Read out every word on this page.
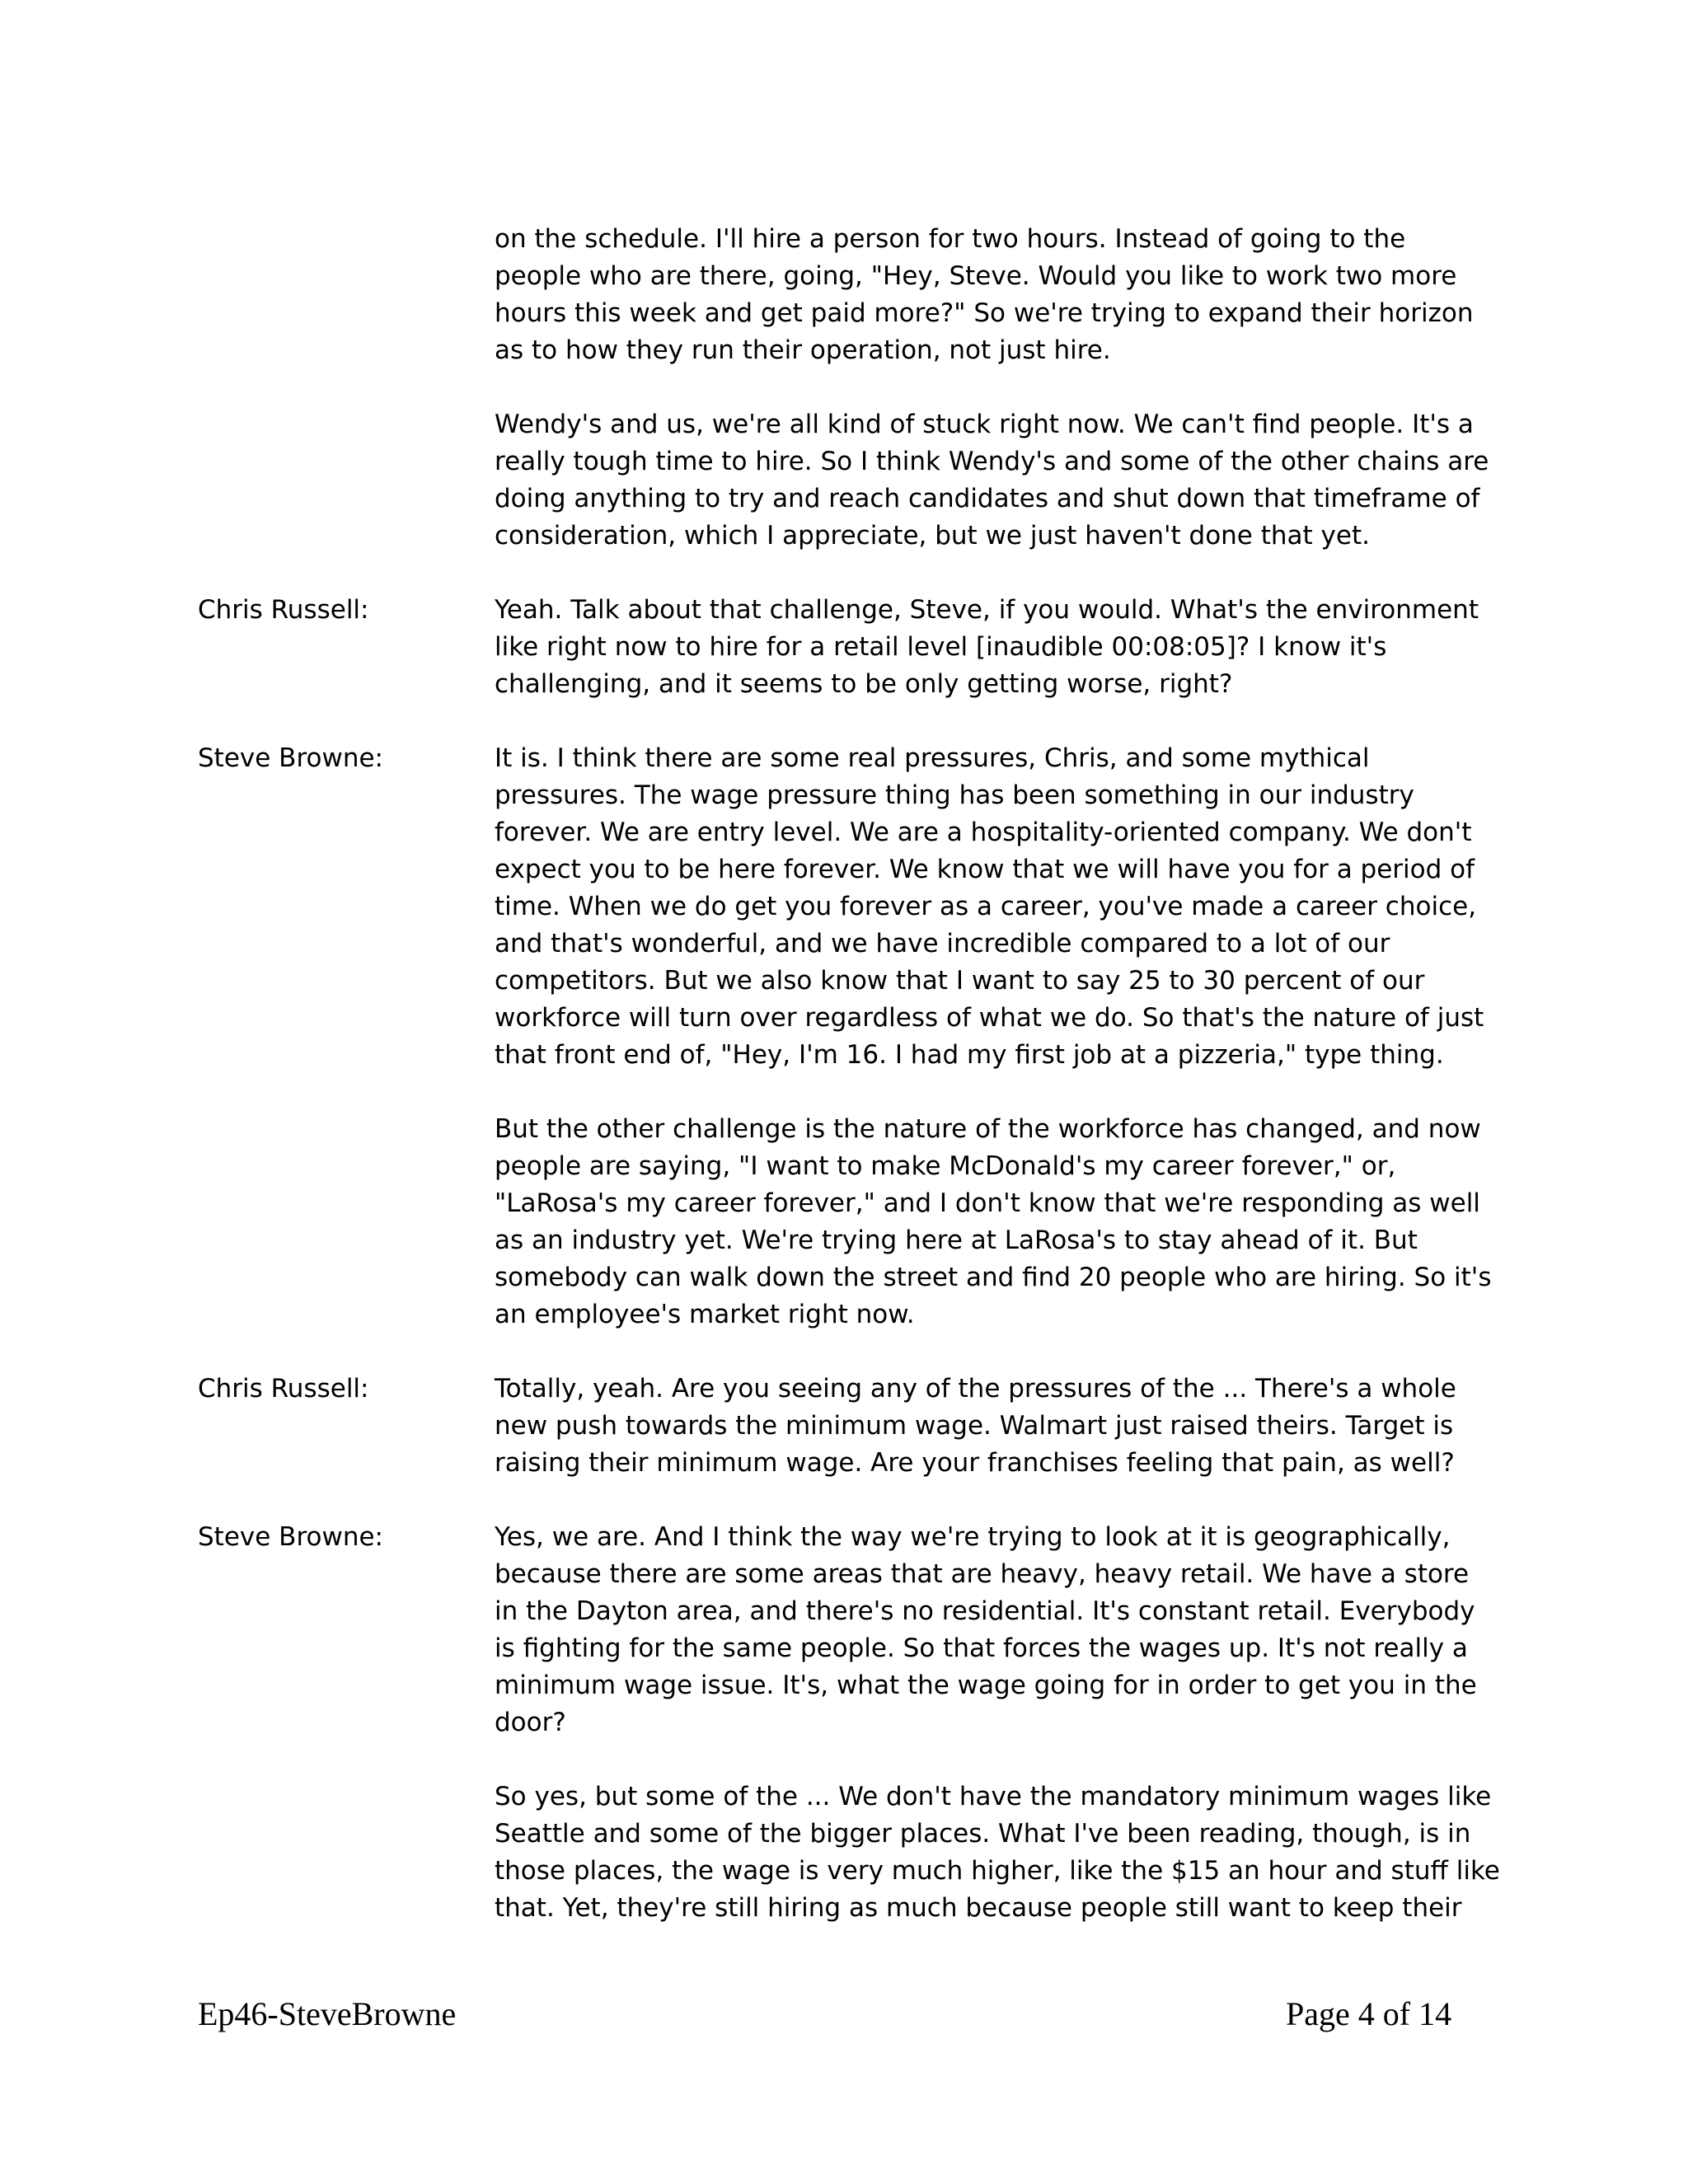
on the schedule. I'll hire a person for two hours. Instead of going to the people who are there, going, "Hey, Steve. Would you like to work two more hours this week and get paid more?" So we're trying to expand their horizon as to how they run their operation, not just hire.

Wendy's and us, we're all kind of stuck right now. We can't find people. It's a really tough time to hire. So I think Wendy's and some of the other chains are doing anything to try and reach candidates and shut down that timeframe of consideration, which I appreciate, but we just haven't done that yet.

Chris Russell:	Yeah. Talk about that challenge, Steve, if you would. What's the environment like right now to hire for a retail level [inaudible 00:08:05]? I know it's challenging, and it seems to be only getting worse, right?

Steve Browne:	It is. I think there are some real pressures, Chris, and some mythical pressures. The wage pressure thing has been something in our industry forever. We are entry level. We are a hospitality-oriented company. We don't expect you to be here forever. We know that we will have you for a period of time. When we do get you forever as a career, you've made a career choice, and that's wonderful, and we have incredible compared to a lot of our competitors. But we also know that I want to say 25 to 30 percent of our workforce will turn over regardless of what we do. So that's the nature of just that front end of, "Hey, I'm 16. I had my first job at a pizzeria," type thing.

But the other challenge is the nature of the workforce has changed, and now people are saying, "I want to make McDonald's my career forever," or, "LaRosa's my career forever," and I don't know that we're responding as well as an industry yet. We're trying here at LaRosa's to stay ahead of it. But somebody can walk down the street and find 20 people who are hiring. So it's an employee's market right now.

Chris Russell:	Totally, yeah. Are you seeing any of the pressures of the ... There's a whole new push towards the minimum wage. Walmart just raised theirs. Target is raising their minimum wage. Are your franchises feeling that pain, as well?

Steve Browne:	Yes, we are. And I think the way we're trying to look at it is geographically, because there are some areas that are heavy, heavy retail. We have a store in the Dayton area, and there's no residential. It's constant retail. Everybody is fighting for the same people. So that forces the wages up. It's not really a minimum wage issue. It's, what the wage going for in order to get you in the door?

So yes, but some of the ... We don't have the mandatory minimum wages like Seattle and some of the bigger places. What I've been reading, though, is in those places, the wage is very much higher, like the $15 an hour and stuff like that. Yet, they're still hiring as much because people still want to keep their

Ep46-SteveBrowne	Page 4 of 14
